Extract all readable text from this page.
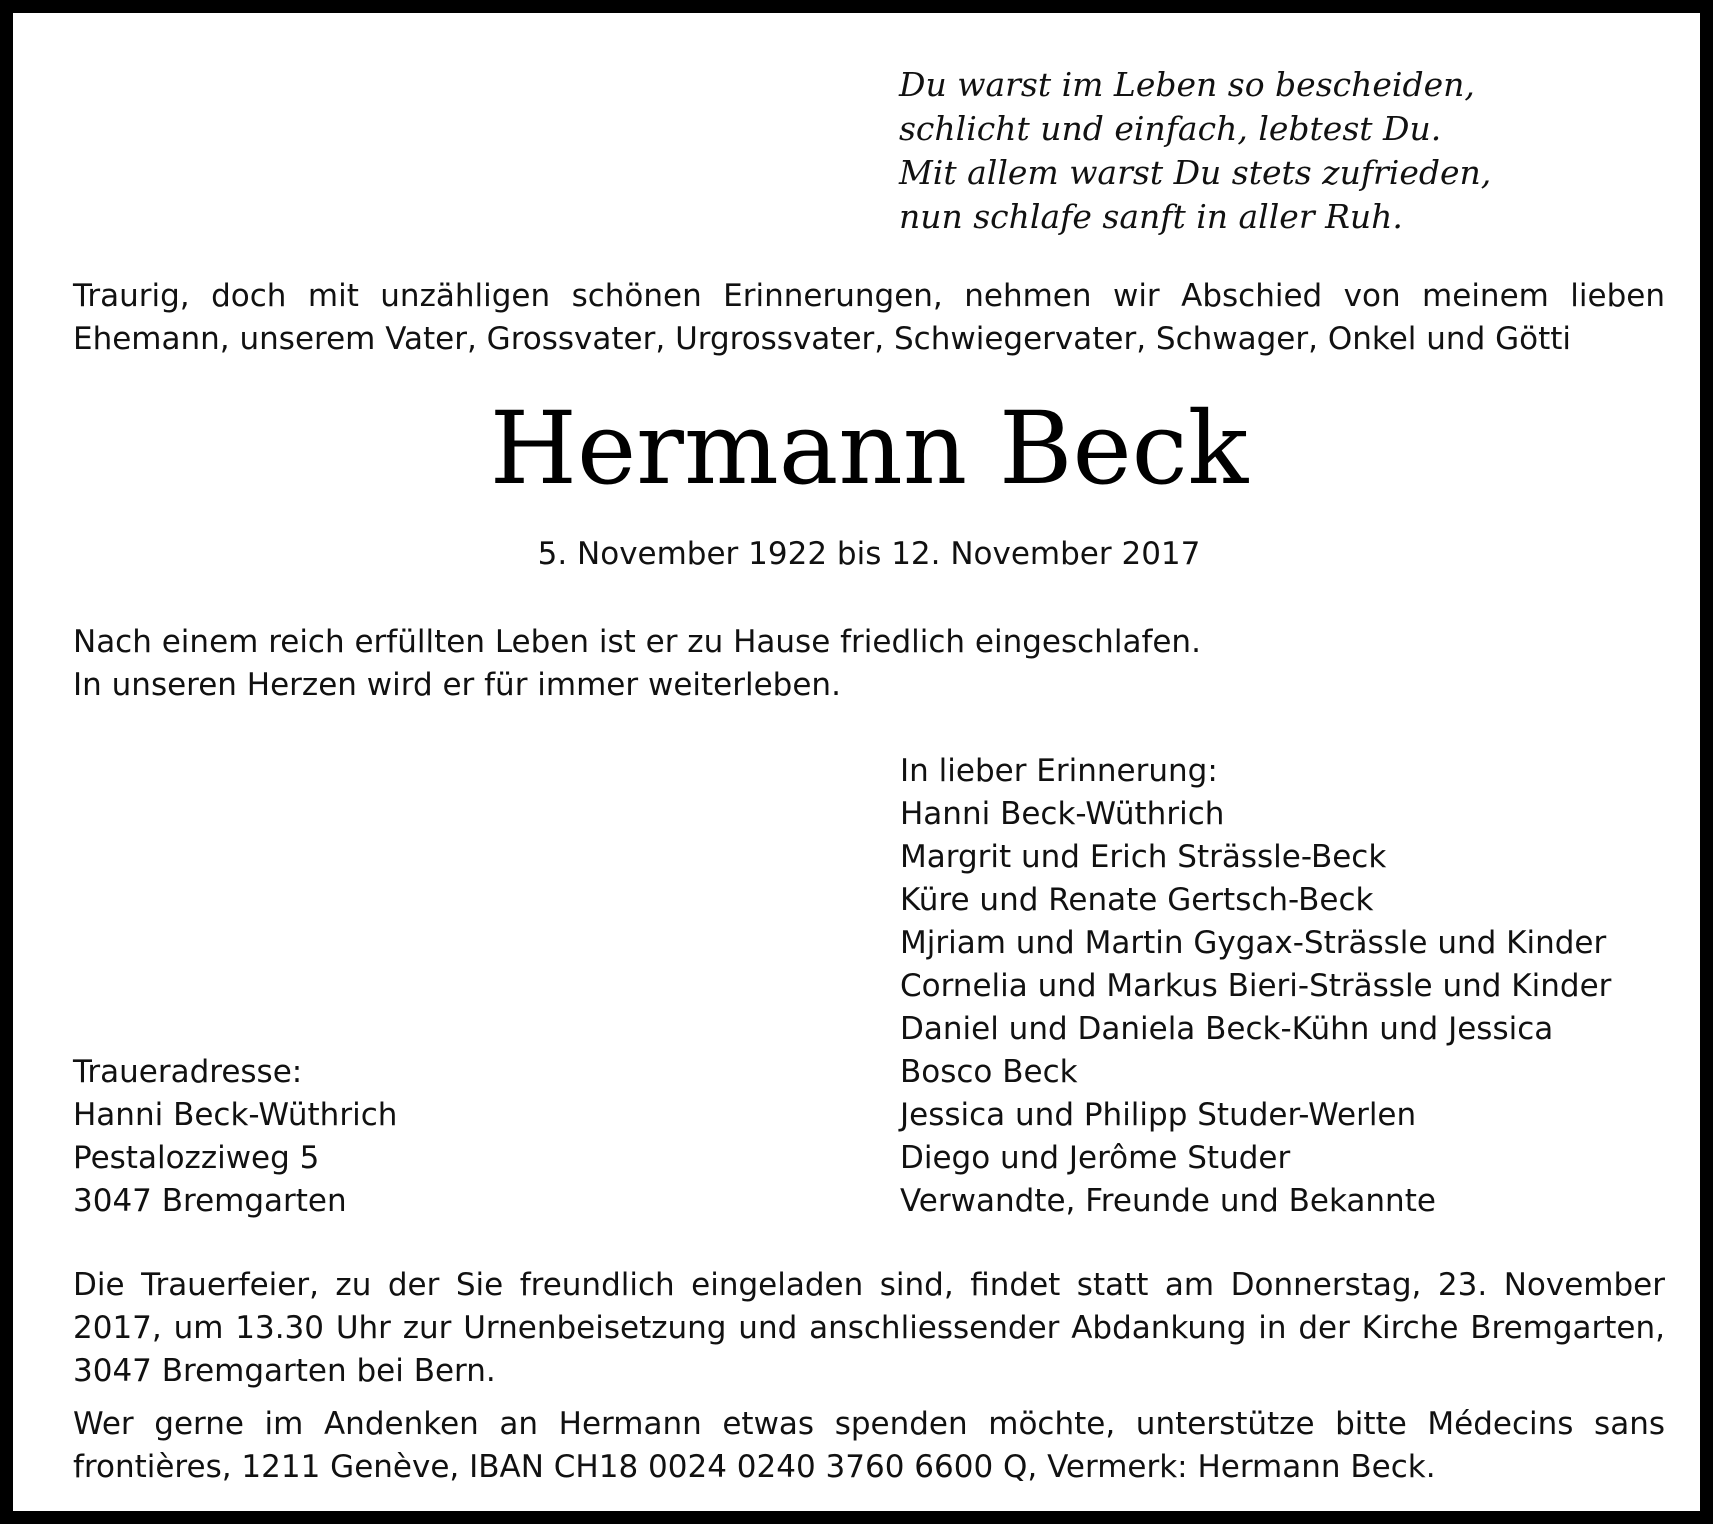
Du warst im Leben so bescheiden,
schlicht und einfach, lebtest Du.
Mit allem warst Du stets zufrieden,
nun schlafe sanft in aller Ruh.
Traurig, doch mit unzähligen schönen Erinnerungen, nehmen wir Abschied von meinem lieben Ehemann, unserem Vater, Grossvater, Urgrossvater, Schwiegervater, Schwager, Onkel und Götti
Hermann Beck
5. November 1922 bis 12. November 2017
Nach einem reich erfüllten Leben ist er zu Hause friedlich eingeschlafen.
In unseren Herzen wird er für immer weiterleben.
In lieber Erinnerung:
Hanni Beck-Wüthrich
Margrit und Erich Strässle-Beck
Küre und Renate Gertsch-Beck
Mjriam und Martin Gygax-Strässle und Kinder
Cornelia und Markus Bieri-Strässle und Kinder
Daniel und Daniela Beck-Kühn und Jessica
Bosco Beck
Jessica und Philipp Studer-Werlen
Diego und Jerôme Studer
Verwandte, Freunde und Bekannte
Traueradresse:
Hanni Beck-Wüthrich
Pestalozziweg 5
3047 Bremgarten
Die Trauerfeier, zu der Sie freundlich eingeladen sind, findet statt am Donnerstag, 23. November 2017, um 13.30 Uhr zur Urnenbeisetzung und anschliessender Abdankung in der Kirche Bremgarten, 3047 Bremgarten bei Bern.
Wer gerne im Andenken an Hermann etwas spenden möchte, unterstütze bitte Médecins sans frontières, 1211 Genève, IBAN CH18 0024 0240 3760 6600 Q, Vermerk: Hermann Beck.
